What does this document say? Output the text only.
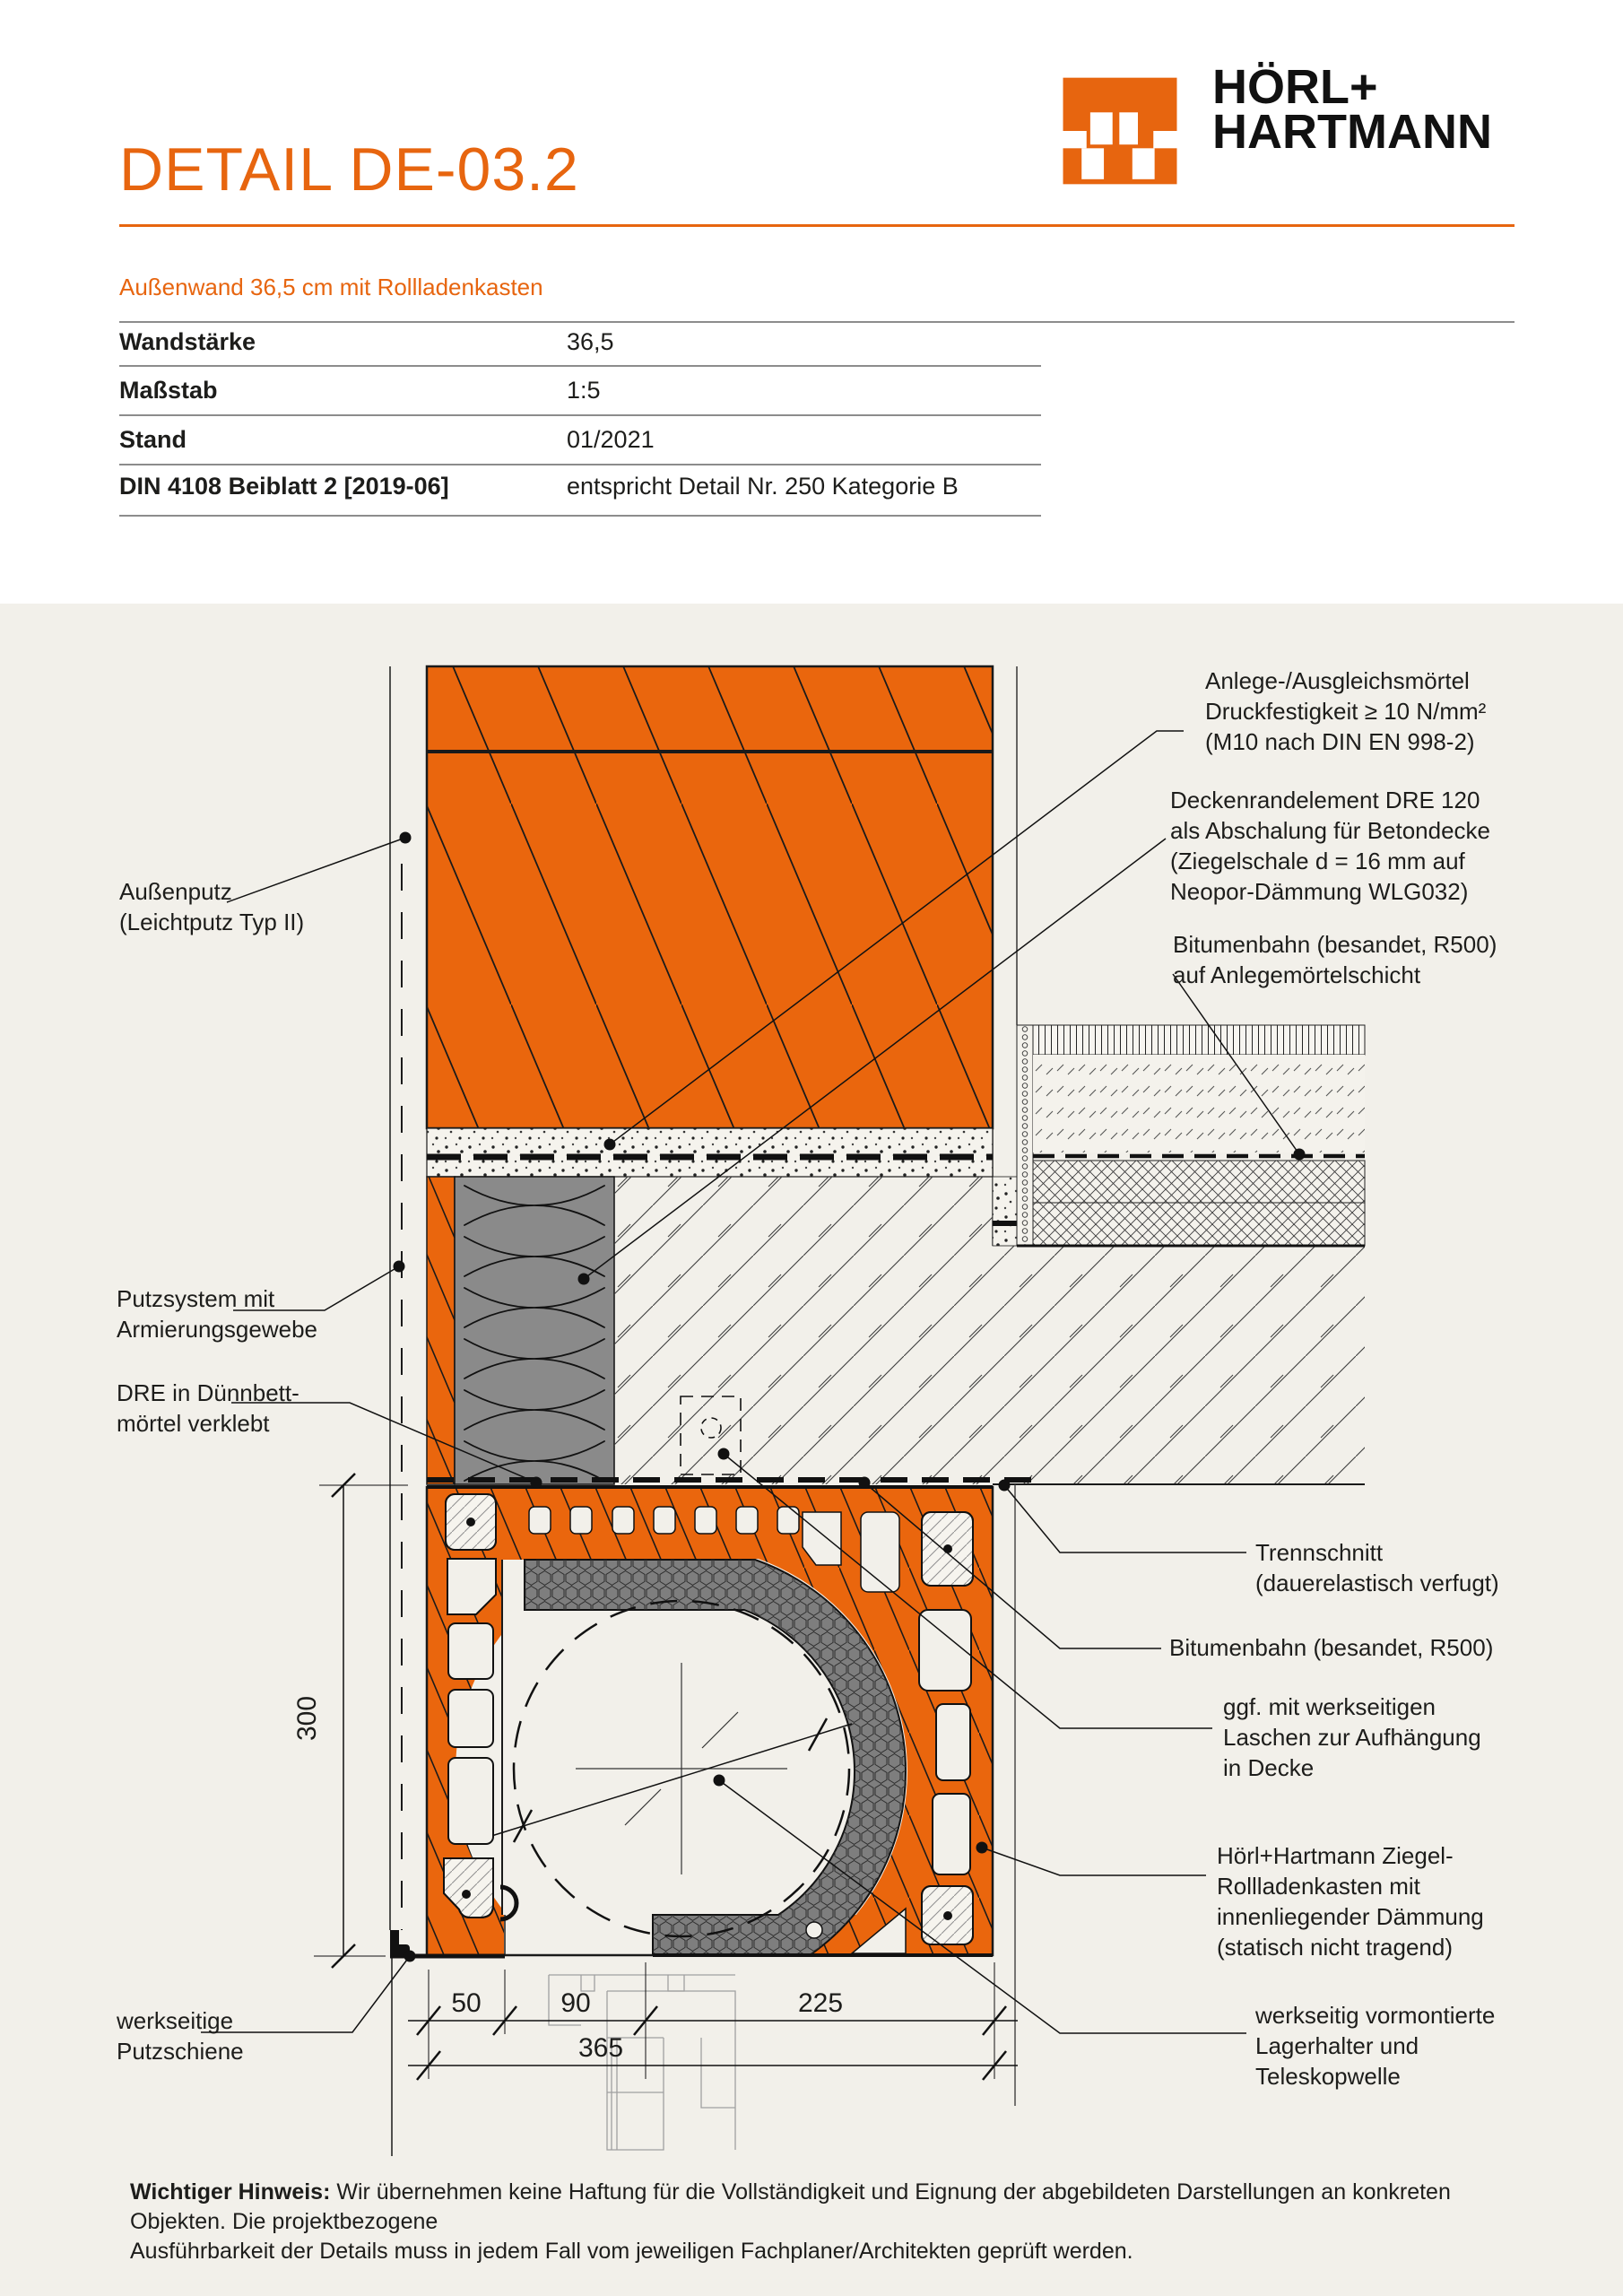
DETAIL DE-03.2
HÖRL+
HARTMANN
Außenwand 36,5 cm mit Rollladenkasten
Wandstärke	36,5
Maßstab	1:5
Stand	01/2021
DIN 4108 Beiblatt 2 [2019-06]	entspricht Detail Nr. 250 Kategorie B
50	90	225
365
300
Außenputz
(Leichtputz Typ II)
Putzsystem mit
Armierungsgewebe
DRE in Dünnbett-
mörtel verklebt
werkseitige
Putzschiene
Anlege-/Ausgleichsmörtel
Druckfestigkeit ≥ 10 N/mm²
(M10 nach DIN EN 998-2)
Deckenrandelement DRE 120
als Abschalung für Betondecke
(Ziegelschale d = 16 mm auf
Neopor-Dämmung WLG032)
Bitumenbahn (besandet, R500)
auf Anlegemörtelschicht
Trennschnitt
(dauerelastisch verfugt)
Bitumenbahn (besandet, R500)
ggf. mit werkseitigen
Laschen zur Aufhängung
in Decke
Hörl+Hartmann Ziegel-
Rollladenkasten mit
innenliegender Dämmung
(statisch nicht tragend)
werkseitig vormontierte
Lagerhalter und
Teleskopwelle
Wichtiger Hinweis: Wir übernehmen keine Haftung für die Vollständigkeit und Eignung der abgebildeten Darstellungen an konkreten Objekten. Die projektbezogene
Ausführbarkeit der Details muss in jedem Fall vom jeweiligen Fachplaner/Architekten geprüft werden.
